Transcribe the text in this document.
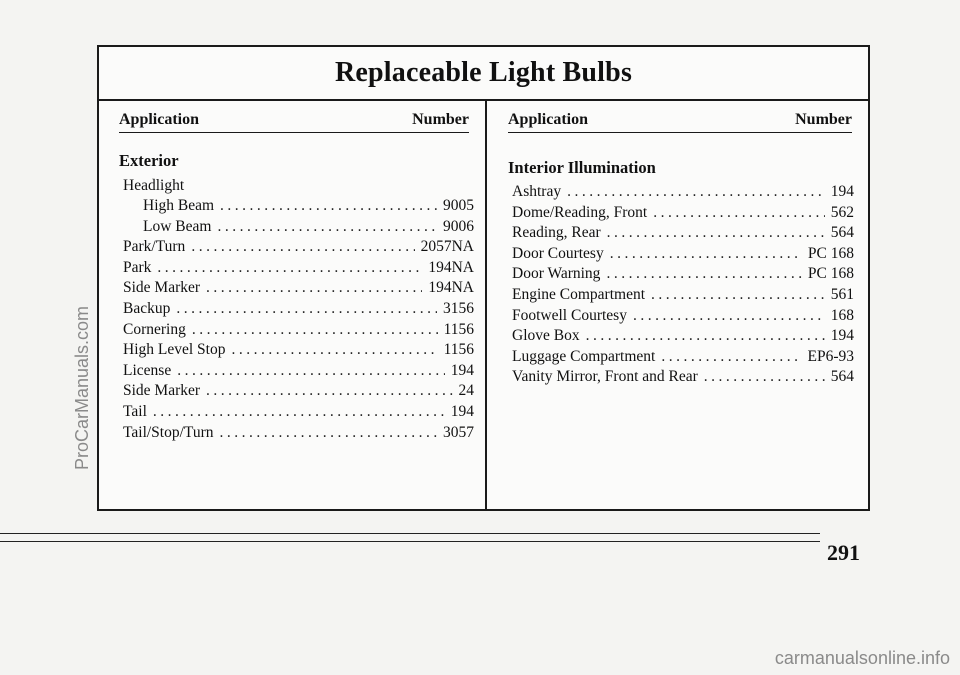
Replaceable Light Bulbs
Application	Number Application	Number
Exterior
Headlight
High Beam .....	9005
Low Beam .....	9006
Park/Turn .....	2057NA
Park .....	194NA
Side Marker .....	194NA
Backup .....	3156
Cornering .....	1156
High Level Stop .....	1156
License .....	194
Side Marker .....	24
Tail .....	194
Tail/Stop/Turn .....	3057
Interior Illumination
Ashtray .....	194
Dome/Reading, Front .....	562
Reading, Rear .....	564
Door Courtesy .....	PC 168
Door Warning .....	PC 168
Engine Compartment .....	561
Footwell Courtesy .....	168
Glove Box .....	194
Luggage Compartment .....	EP6-93
Vanity Mirror, Front and Rear .....	564
291
ProCarManuals.com
carmanualsonline.info
